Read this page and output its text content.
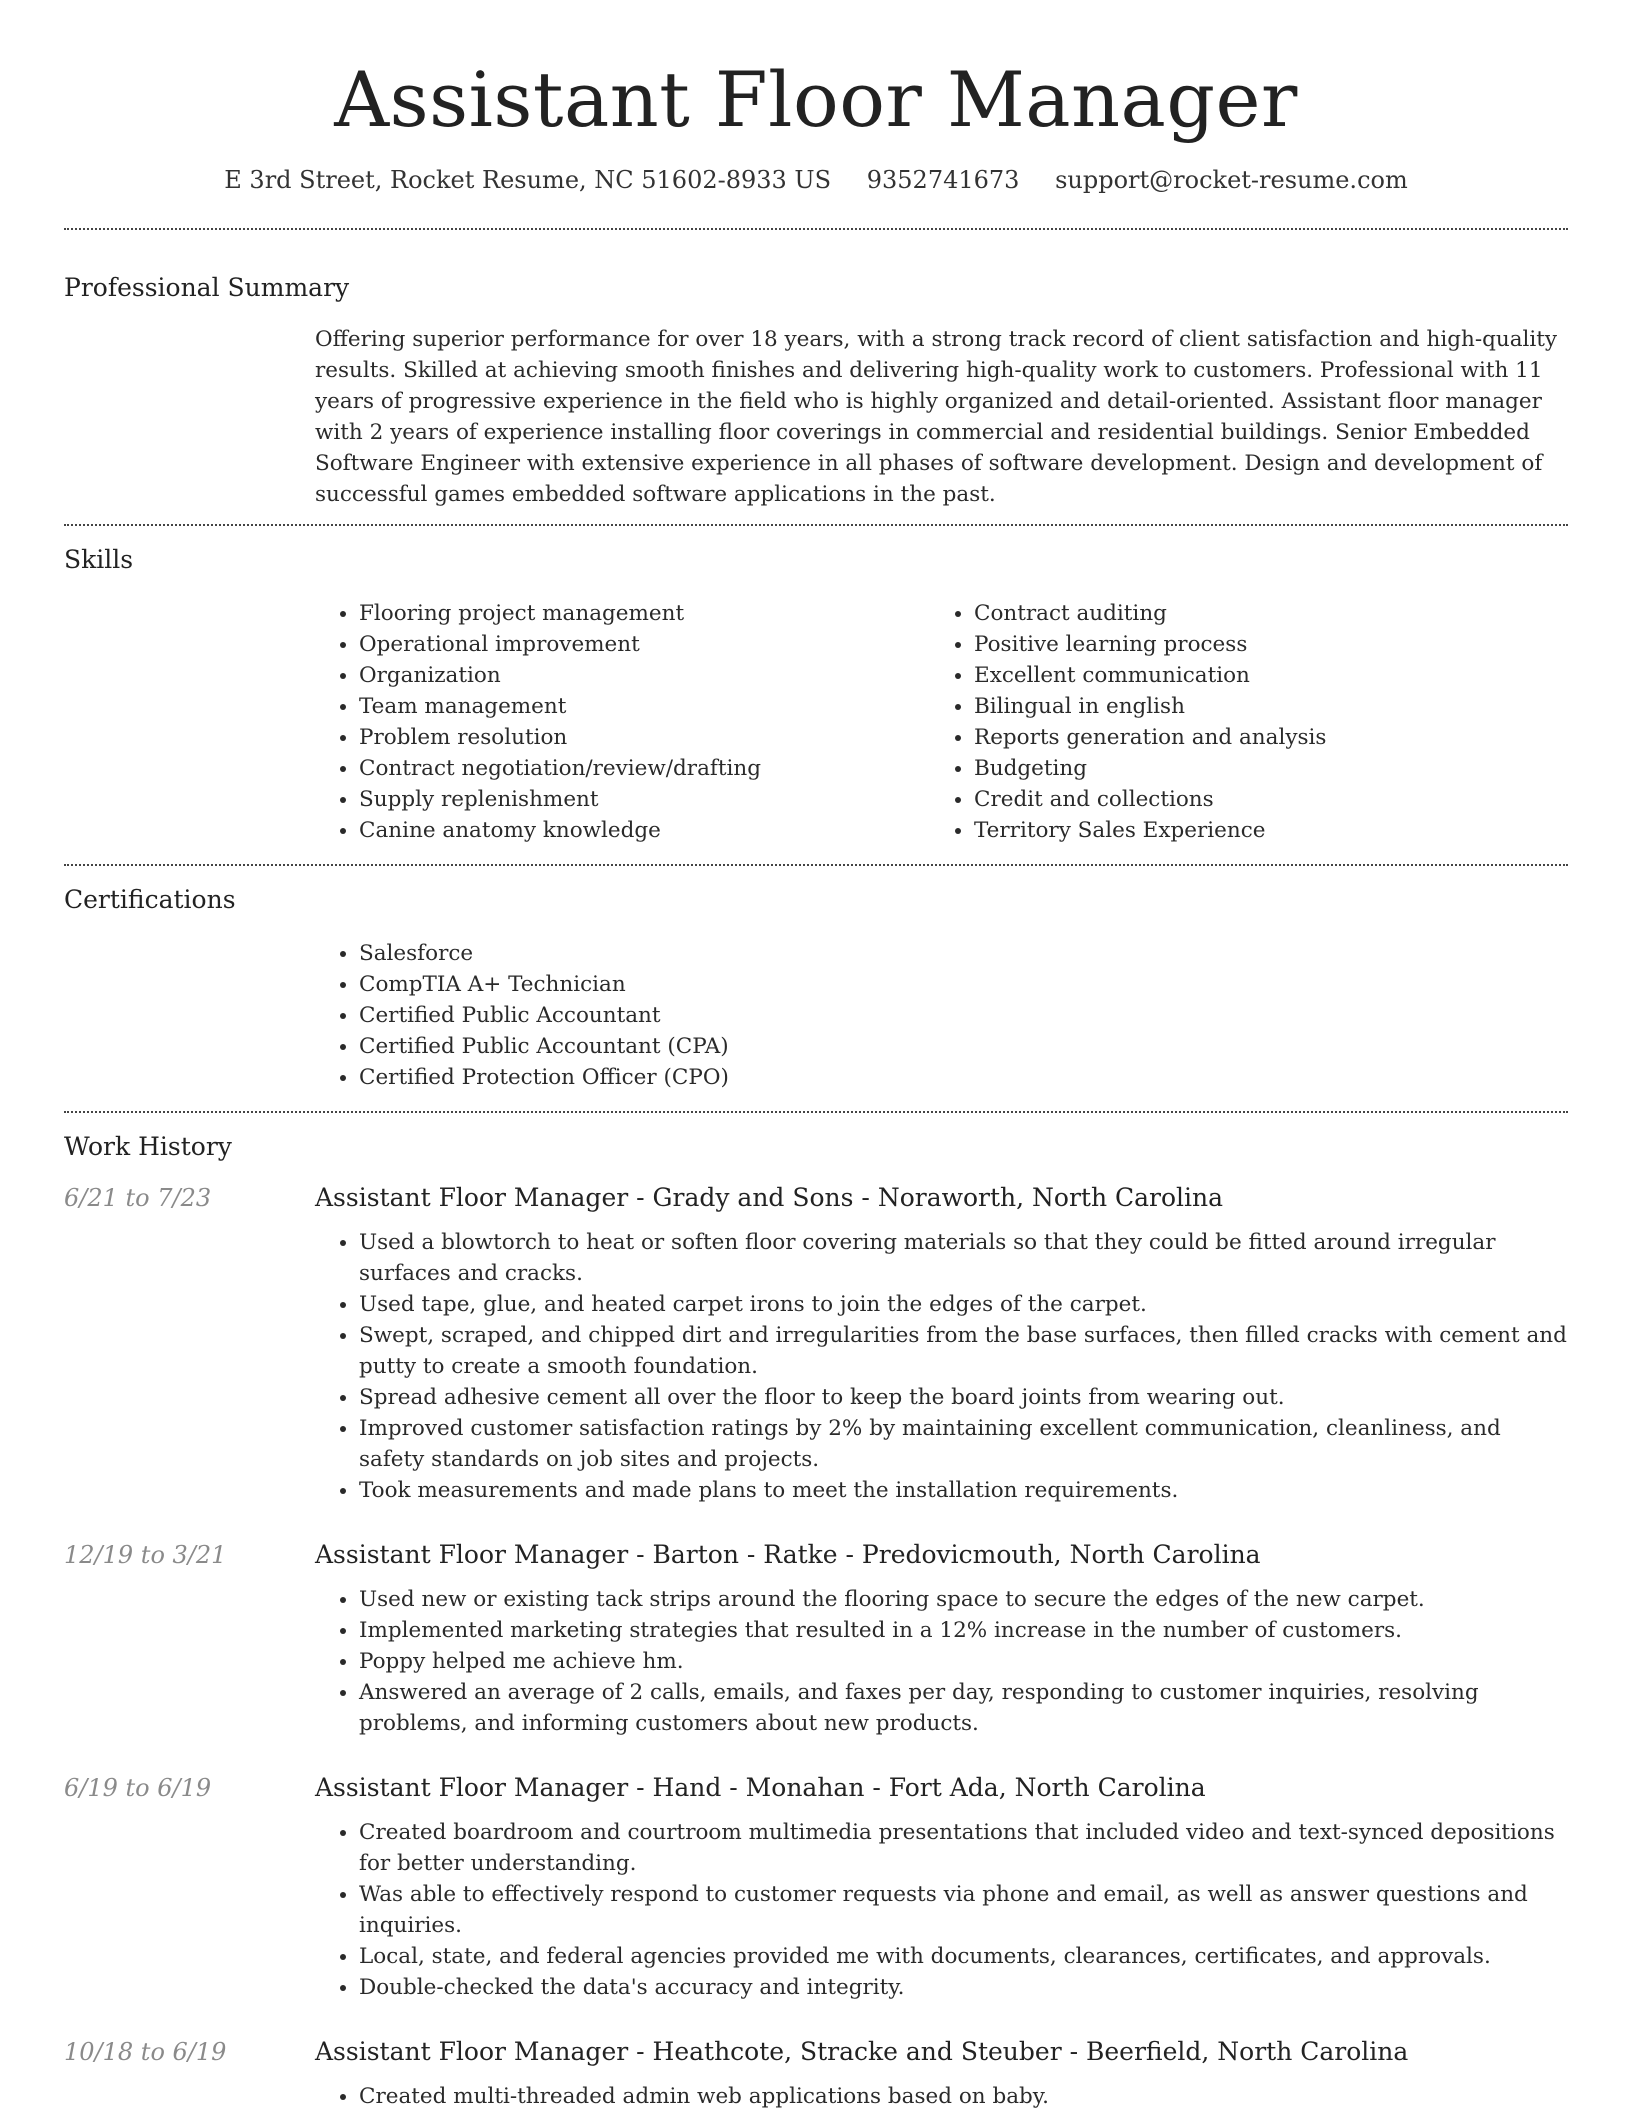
Assistant Floor Manager
E 3rd Street, Rocket Resume, NC 51602-8933 US 9352741673 support@rocket-resume.com
Professional Summary
Offering superior performance for over 18 years, with a strong track record of client satisfaction and high-quality results. Skilled at achieving smooth finishes and delivering high-quality work to customers. Professional with 11 years of progressive experience in the field who is highly organized and detail-oriented. Assistant floor manager with 2 years of experience installing floor coverings in commercial and residential buildings. Senior Embedded Software Engineer with extensive experience in all phases of software development. Design and development of successful games embedded software applications in the past.
Skills
• Flooring project management
• Operational improvement
• Organization
• Team management
• Problem resolution
• Contract negotiation/review/drafting
• Supply replenishment
• Canine anatomy knowledge
• Contract auditing
• Positive learning process
• Excellent communication
• Bilingual in english
• Reports generation and analysis
• Budgeting
• Credit and collections
• Territory Sales Experience
Certifications
• Salesforce
• CompTIA A+ Technician
• Certified Public Accountant
• Certified Public Accountant (CPA)
• Certified Protection Officer (CPO)
Work History
6/21 to 7/23	Assistant Floor Manager - Grady and Sons - Noraworth, North Carolina
• Used a blowtorch to heat or soften floor covering materials so that they could be fitted around irregular surfaces and cracks.
• Used tape, glue, and heated carpet irons to join the edges of the carpet.
• Swept, scraped, and chipped dirt and irregularities from the base surfaces, then filled cracks with cement and putty to create a smooth foundation.
• Spread adhesive cement all over the floor to keep the board joints from wearing out.
• Improved customer satisfaction ratings by 2% by maintaining excellent communication, cleanliness, and safety standards on job sites and projects.
• Took measurements and made plans to meet the installation requirements.
12/19 to 3/21	Assistant Floor Manager - Barton - Ratke - Predovicmouth, North Carolina
• Used new or existing tack strips around the flooring space to secure the edges of the new carpet.
• Implemented marketing strategies that resulted in a 12% increase in the number of customers.
• Poppy helped me achieve hm.
• Answered an average of 2 calls, emails, and faxes per day, responding to customer inquiries, resolving problems, and informing customers about new products.
6/19 to 6/19	Assistant Floor Manager - Hand - Monahan - Fort Ada, North Carolina
• Created boardroom and courtroom multimedia presentations that included video and text-synced depositions for better understanding.
• Was able to effectively respond to customer requests via phone and email, as well as answer questions and inquiries.
• Local, state, and federal agencies provided me with documents, clearances, certificates, and approvals.
• Double-checked the data's accuracy and integrity.
10/18 to 6/19	Assistant Floor Manager - Heathcote, Stracke and Steuber - Beerfield, North Carolina
• Created multi-threaded admin web applications based on baby.
